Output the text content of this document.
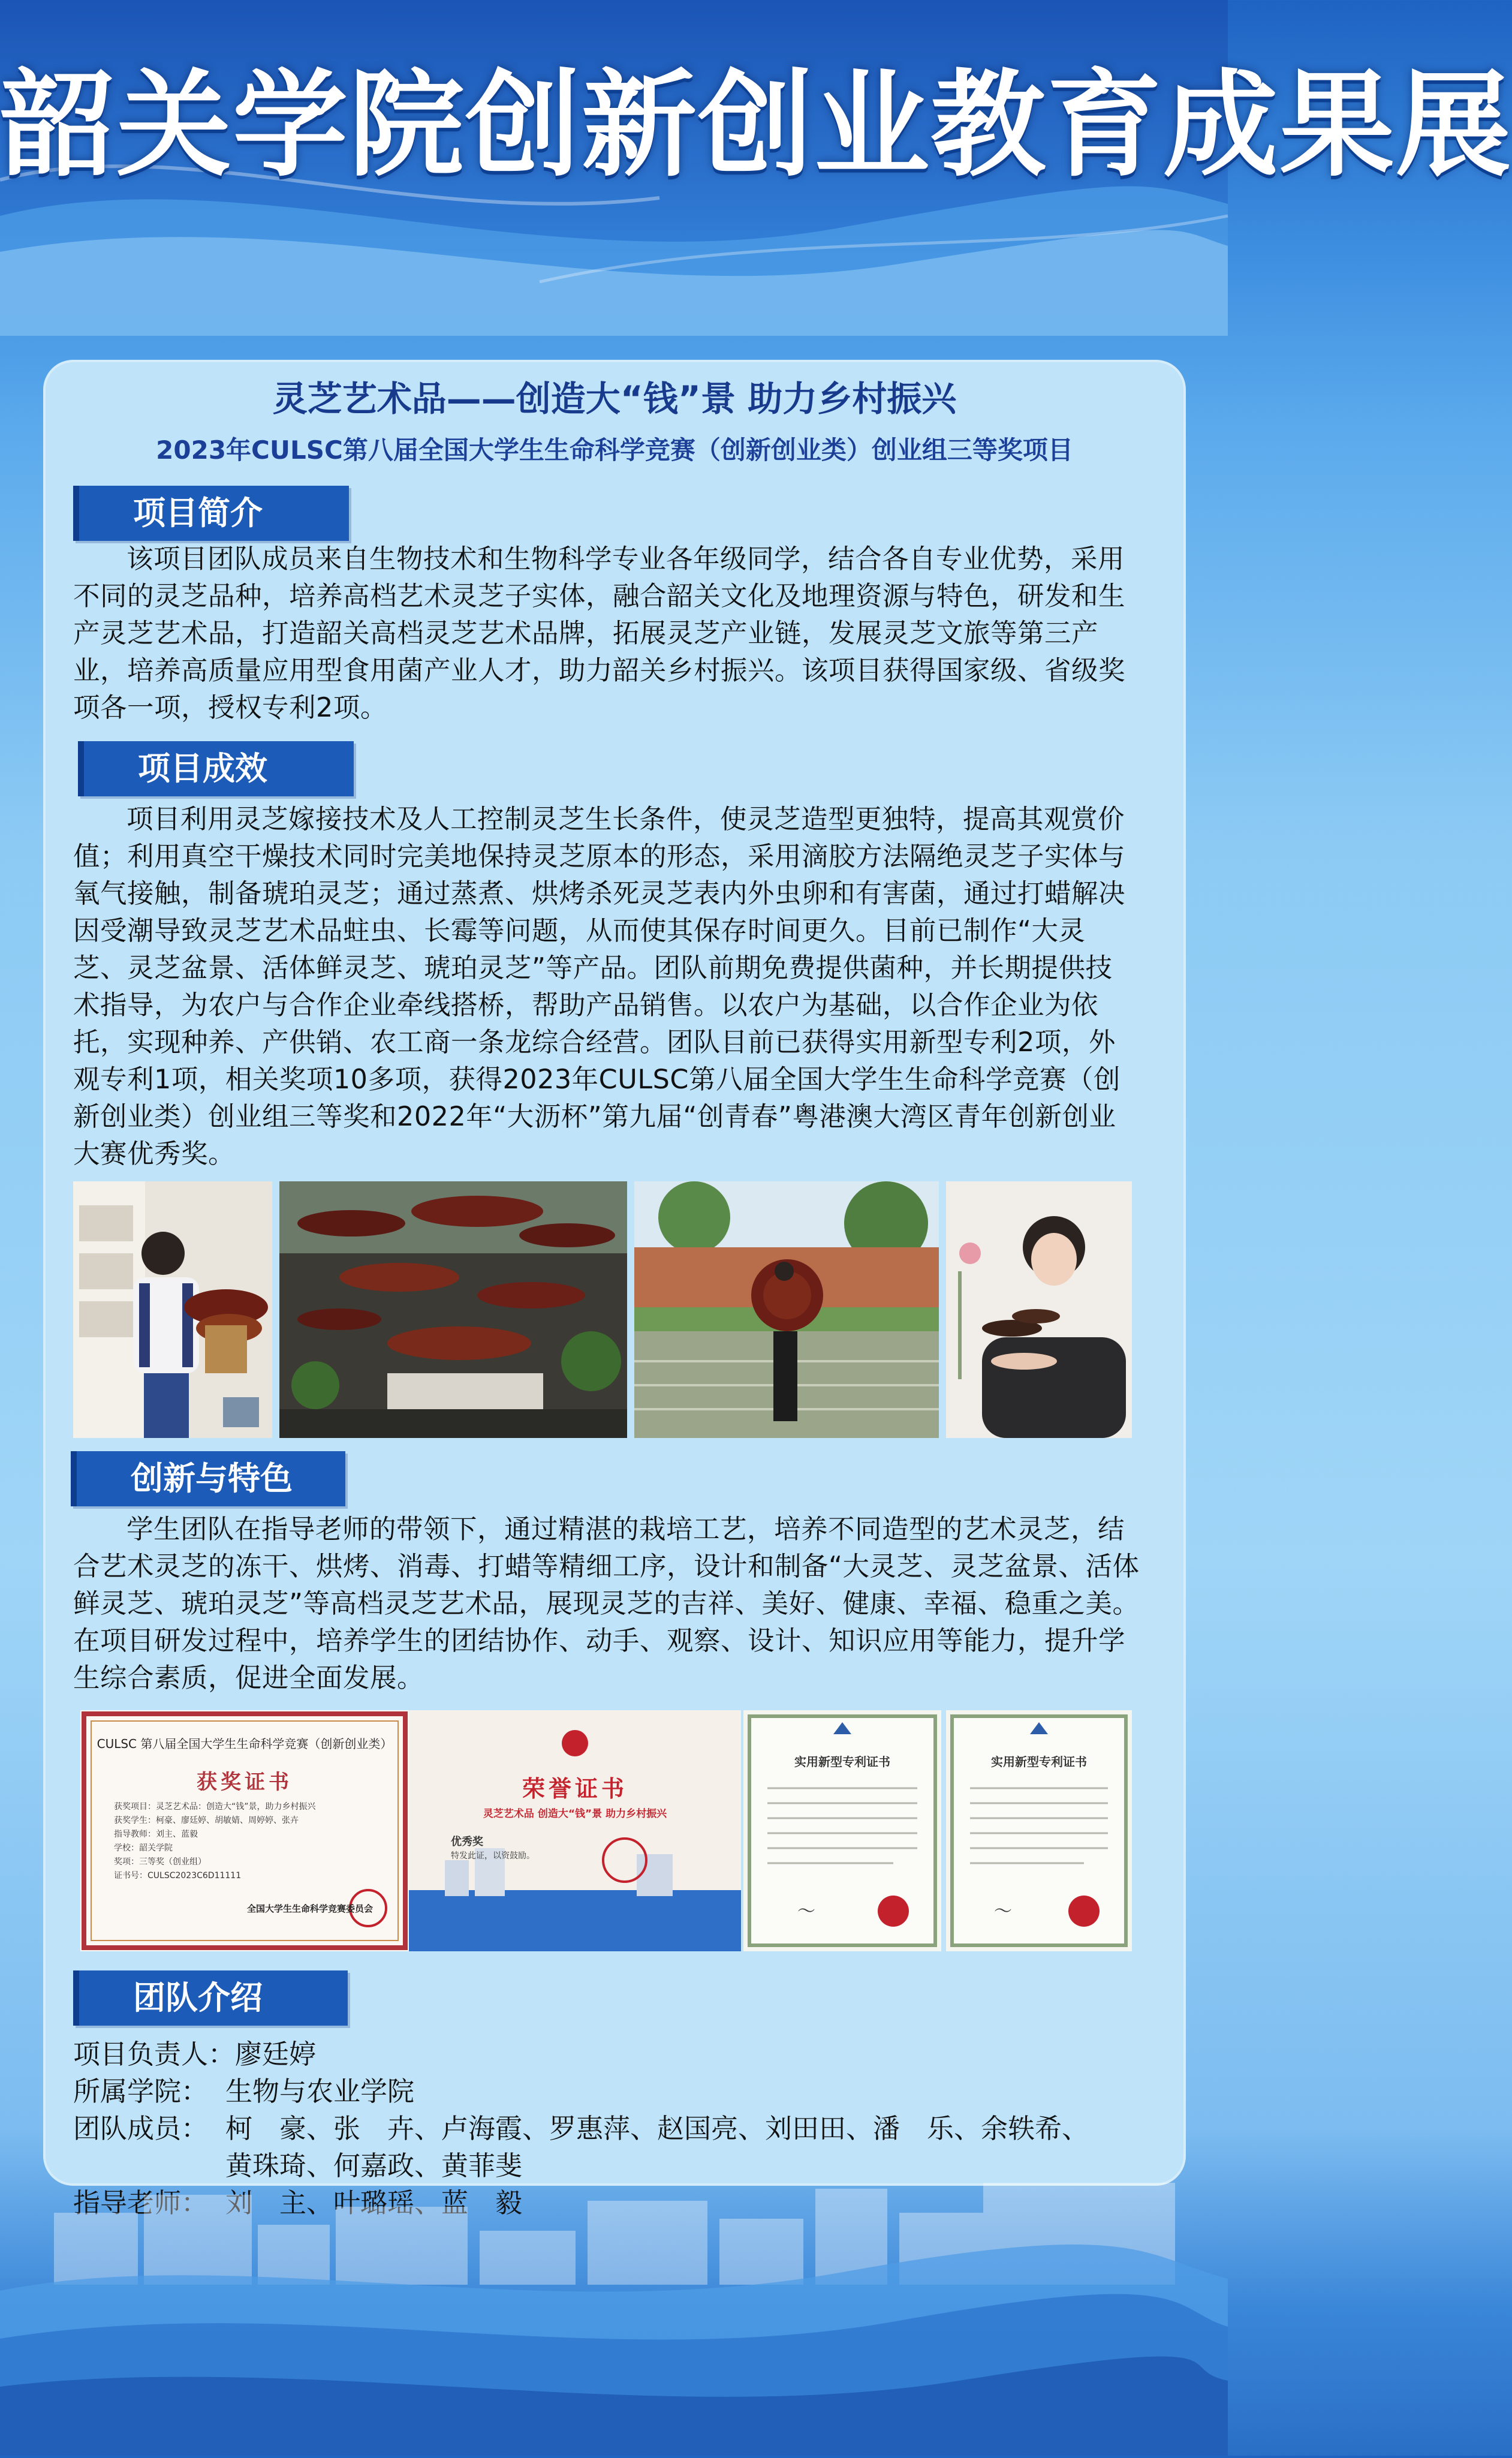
韶关学院创新创业教育成果展
灵芝艺术品——创造大“钱”景 助力乡村振兴
2023年CULSC第八届全国大学生生命科学竞赛（创新创业类）创业组三等奖项目
项目简介
该项目团队成员来自生物技术和生物科学专业各年级同学，结合各自专业优势，采用不同的灵芝品种，培养高档艺术灵芝子实体，融合韶关文化及地理资源与特色，研发和生产灵芝艺术品，打造韶关高档灵芝艺术品牌，拓展灵芝产业链，发展灵芝文旅等第三产业，培养高质量应用型食用菌产业人才，助力韶关乡村振兴。该项目获得国家级、省级奖项各一项，授权专利2项。
项目成效
项目利用灵芝嫁接技术及人工控制灵芝生长条件，使灵芝造型更独特，提高其观赏价值；利用真空干燥技术同时完美地保持灵芝原本的形态，采用滴胶方法隔绝灵芝子实体与氧气接触，制备琥珀灵芝；通过蒸煮、烘烤杀死灵芝表内外虫卵和有害菌，通过打蜡解决因受潮导致灵芝艺术品蛀虫、长霉等问题，从而使其保存时间更久。目前已制作“大灵芝、灵芝盆景、活体鲜灵芝、琥珀灵芝”等产品。团队前期免费提供菌种，并长期提供技术指导，为农户与合作企业牵线搭桥，帮助产品销售。以农户为基础，以合作企业为依托，实现种养、产供销、农工商一条龙综合经营。团队目前已获得实用新型专利2项，外观专利1项，相关奖项10多项，获得2023年CULSC第八届全国大学生生命科学竞赛（创新创业类）创业组三等奖和2022年“大沥杯”第九届“创青春”粤港澳大湾区青年创新创业大赛优秀奖。
创新与特色
学生团队在指导老师的带领下，通过精湛的栽培工艺，培养不同造型的艺术灵芝，结合艺术灵芝的冻干、烘烤、消毒、打蜡等精细工序，设计和制备“大灵芝、灵芝盆景、活体鲜灵芝、琥珀灵芝”等高档灵芝艺术品，展现灵芝的吉祥、美好、健康、幸福、稳重之美。在项目研发过程中，培养学生的团结协作、动手、观察、设计、知识应用等能力，提升学生综合素质，促进全面发展。
CULSC 第八届全国大学生生命科学竞赛（创新创业类）
获奖证书
获奖项目：灵芝艺术品：创造大“钱”景，助力乡村振兴
获奖学生：柯豪、廖廷婷、胡敏婧、周婷婷、张卉
指导教师：刘主、蓝毅
学校：韶关学院
奖项：三等奖（创业组）
证书号：CULSC2023C6D11111
全国大学生生命科学竞赛委员会
荣誉证书
灵芝艺术品 创造大“钱”景 助力乡村振兴
优秀奖
特发此证，以资鼓励。
〜
实用新型专利证书
〜
实用新型专利证书
团队介绍
项目负责人：廖廷婷
所属学院： 生物与农业学院
团队成员： 柯　豪、张　卉、卢海霞、罗惠萍、赵国亮、刘田田、潘　乐、余轶希、
黄珠琦、何嘉政、黄菲斐
指导老师： 刘　主、叶璐瑶、蓝　毅
